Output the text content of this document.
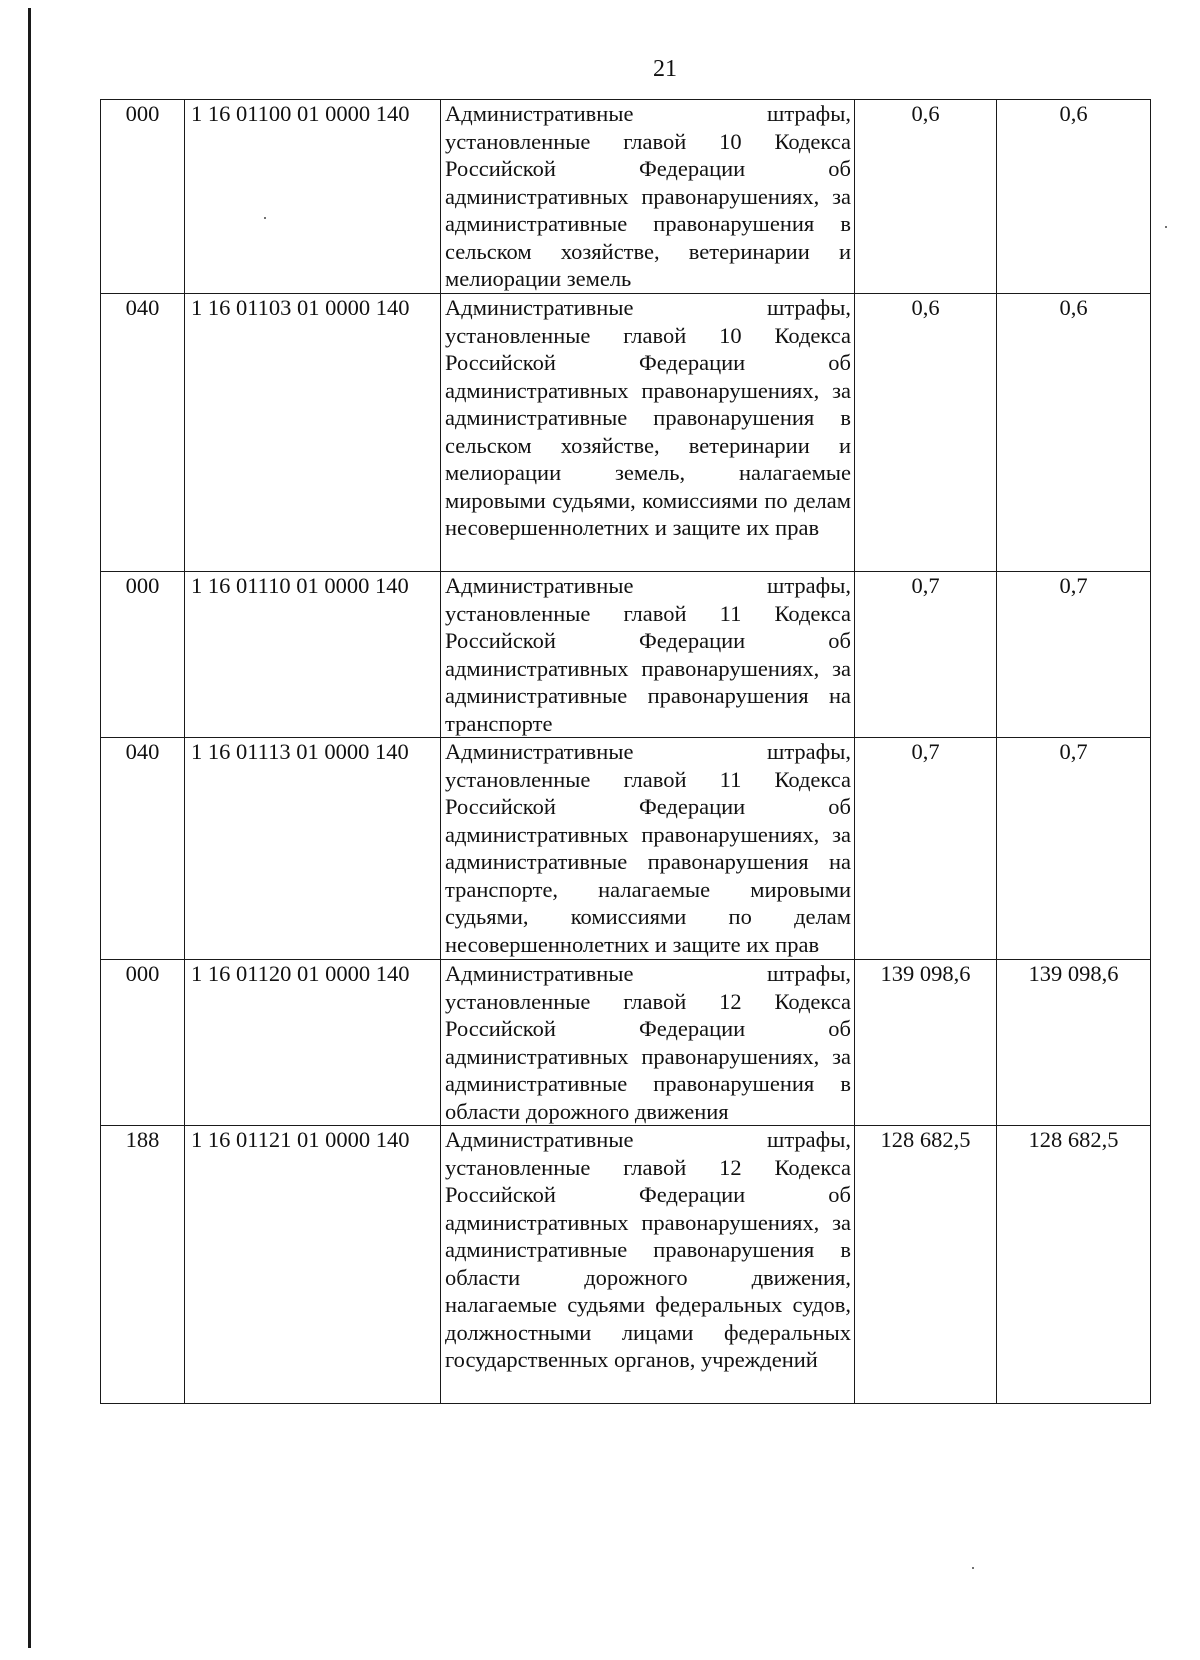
21
000	1 16 01100 01 0000 140	Административные штрафы, установленные главой 10 Кодекса Российской Федерации об административных правонарушениях, за административные правонарушения в сельском хозяйстве, ветеринарии и мелиорации земель	0,6	0,6
040	1 16 01103 01 0000 140	Административные штрафы, установленные главой 10 Кодекса Российской Федерации об административных правонарушениях, за административные правонарушения в сельском хозяйстве, ветеринарии и мелиорации земель, налагаемые мировыми судьями, комиссиями по делам несовершеннолетних и защите их прав	0,6	0,6
000	1 16 01110 01 0000 140	Административные штрафы, установленные главой 11 Кодекса Российской Федерации об административных правонарушениях, за административные правонарушения на транспорте	0,7	0,7
040	1 16 01113 01 0000 140	Административные штрафы, установленные главой 11 Кодекса Российской Федерации об административных правонарушениях, за административные правонарушения на транспорте, налагаемые мировыми судьями, комиссиями по делам несовершеннолетних и защите их прав	0,7	0,7
000	1 16 01120 01 0000 140	Административные штрафы, установленные главой 12 Кодекса Российской Федерации об административных правонарушениях, за административные правонарушения в области дорожного движения	139 098,6	139 098,6
188	1 16 01121 01 0000 140	Административные штрафы, установленные главой 12 Кодекса Российской Федерации об административных правонарушениях, за административные правонарушения в области дорожного движения, налагаемые судьями федеральных судов, должностными лицами федеральных государственных органов, учреждений	128 682,5	128 682,5
